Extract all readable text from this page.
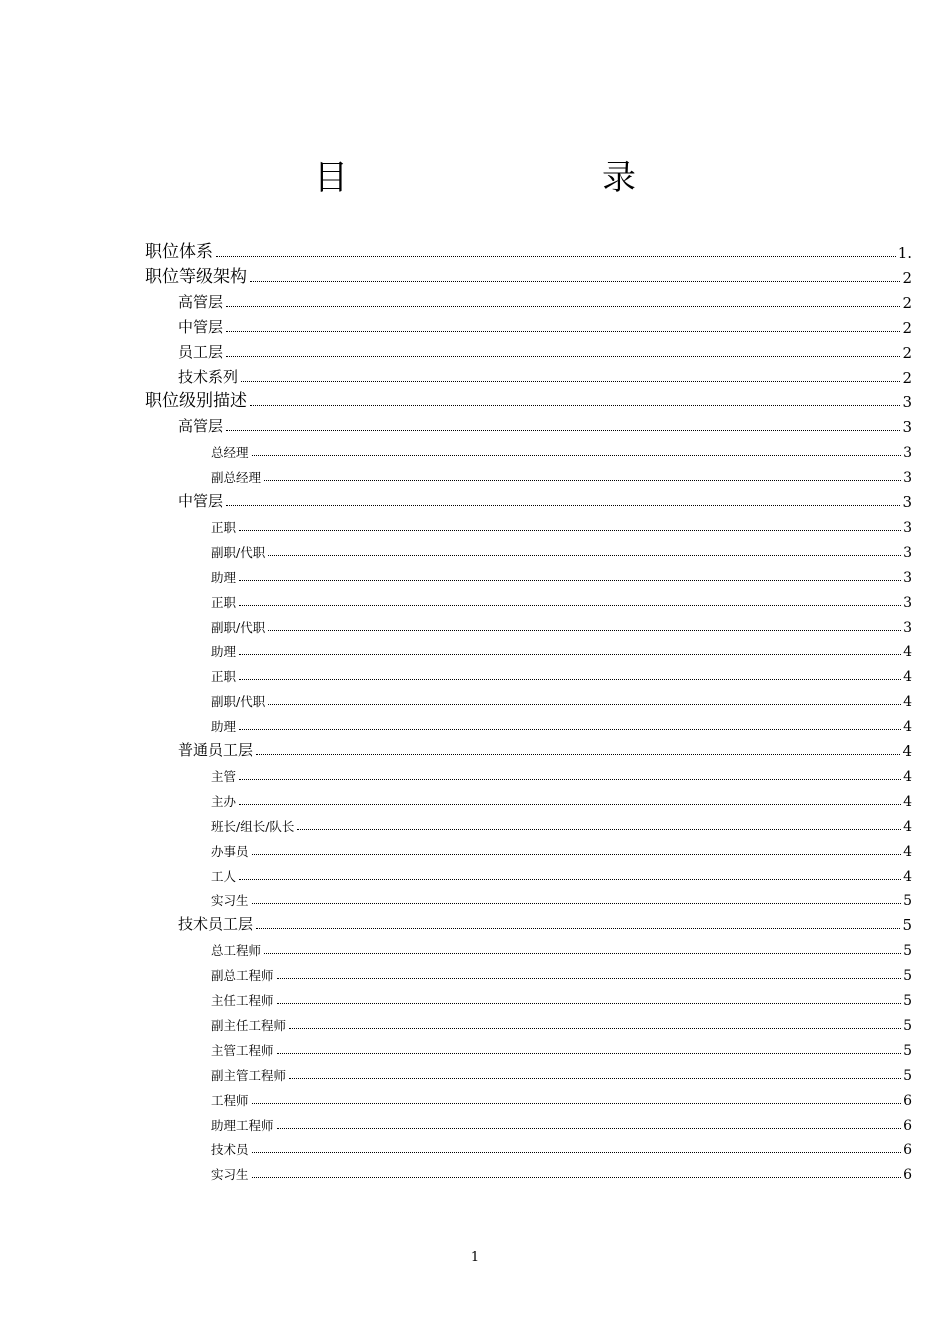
目　　录
职位体系	1.
职位等级架构	2
高管层	2
中管层	2
员工层	2
技术系列	2
职位级别描述	3
高管层	3
总经理	3
副总经理	3
中管层	3
正职	3
副职/代职	3
助理	3
正职	3
副职/代职	3
助理	4
正职	4
副职/代职	4
助理	4
普通员工层	4
主管	4
主办	4
班长/组长/队长	4
办事员	4
工人	4
实习生	5
技术员工层	5
总工程师	5
副总工程师	5
主任工程师	5
副主任工程师	5
主管工程师	5
副主管工程师	5
工程师	6
助理工程师	6
技术员	6
实习生	6
1
